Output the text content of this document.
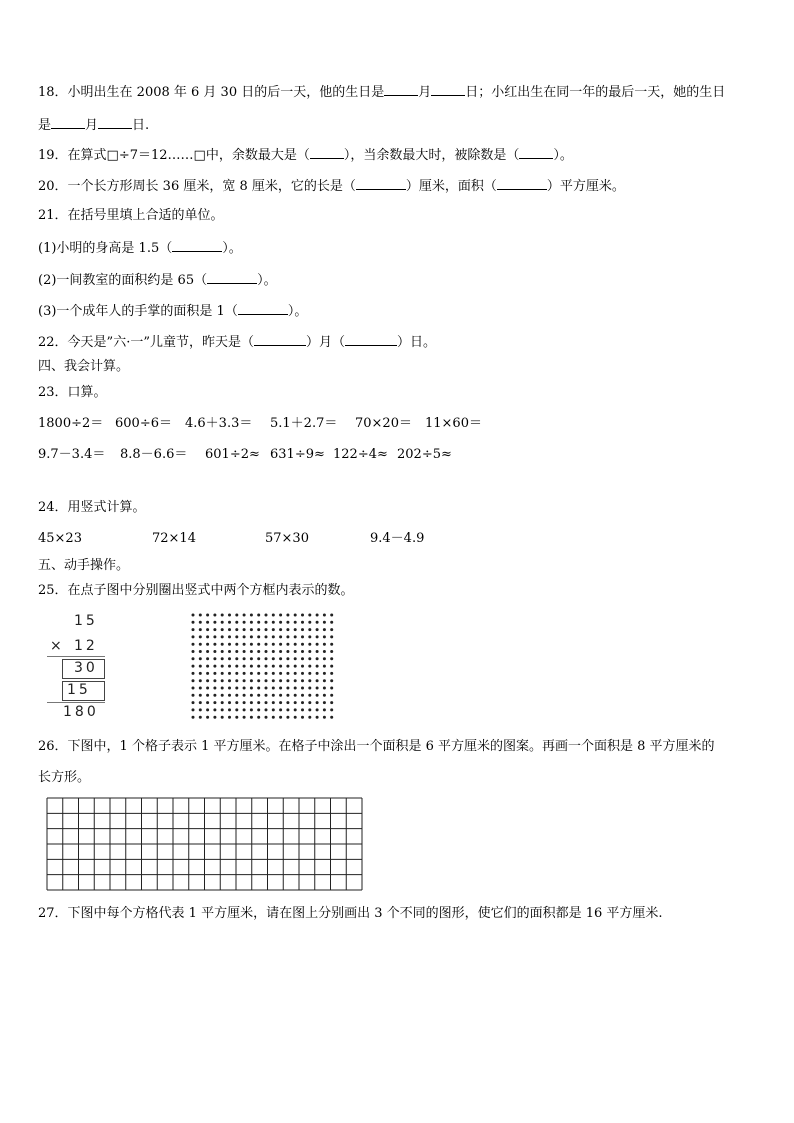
18．小明出生在 2008 年 6 月 30 日的后一天，他的生日是	月	日；小红出生在同一年的最后一天，她的生日
是	月	日.
19．在算式□÷7＝12……□中，余数最大是（	），当余数最大时，被除数是（	）。
20．一个长方形周长 36 厘米，宽 8 厘米，它的长是（	）厘米，面积（	）平方厘米。
21．在括号里填上合适的单位。
(1)小明的身高是 1.5（	）。
(2)一间教室的面积约是 65（	）。
(3)一个成年人的手掌的面积是 1（	）。
22．今天是”六·一”儿童节，昨天是（	）月（	）日。
四、我会计算。
23．口算。
1800÷2＝ 600÷6＝ 4.6＋3.3＝ 5.1＋2.7＝ 70×20＝ 11×60＝
9.7－3.4＝ 8.8－6.6＝ 601÷2≈ 631÷9≈ 122÷4≈ 202÷5≈
24．用竖式计算。
45×23	72×14	57×30	9.4－4.9
五、动手操作。
25．在点子图中分别圈出竖式中两个方框内表示的数。
15
× 12
30
15
180
26．下图中，1 个格子表示 1 平方厘米。在格子中涂出一个面积是 6 平方厘米的图案。再画一个面积是 8 平方厘米的
长方形。
27．下图中每个方格代表 1 平方厘米，请在图上分别画出 3 个不同的图形，使它们的面积都是 16 平方厘米.
